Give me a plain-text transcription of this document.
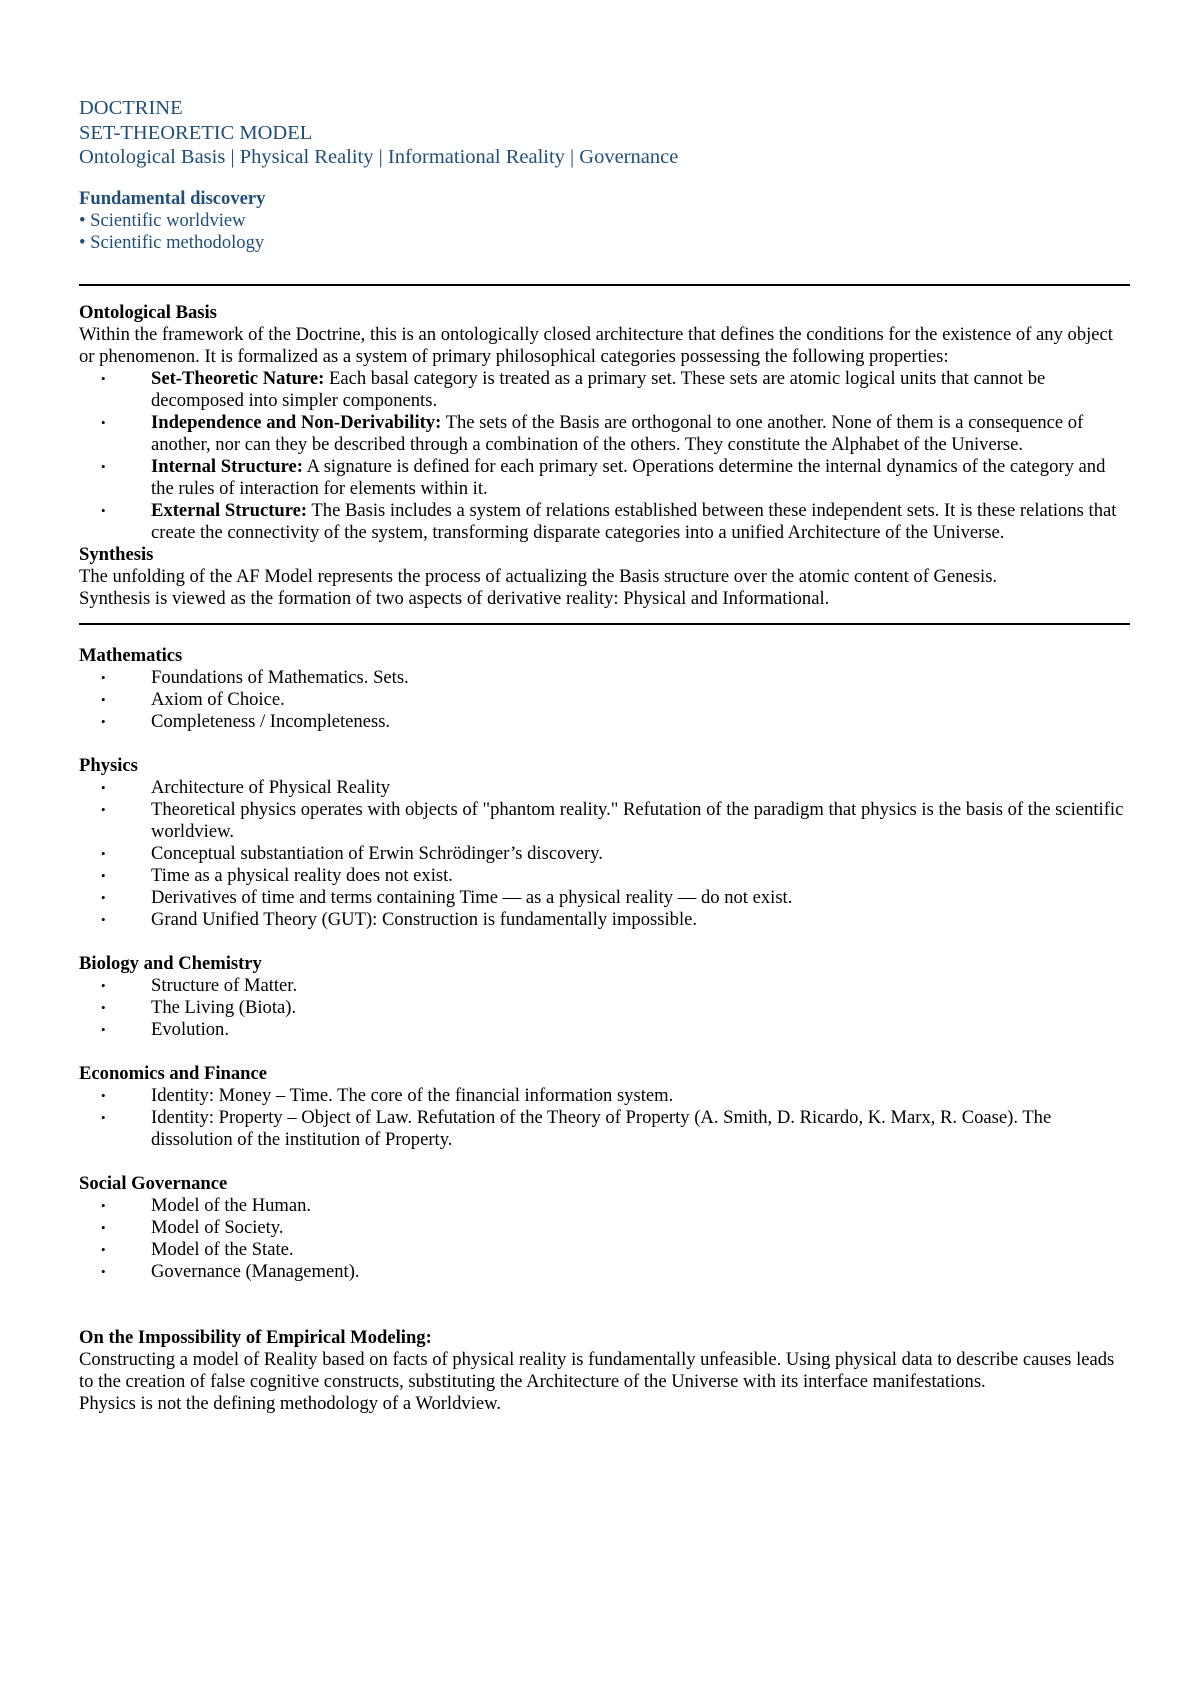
DOCTRINE
SET-THEORETIC MODEL
Ontological Basis | Physical Reality | Informational Reality | Governance
Fundamental discovery
• Scientific worldview
• Scientific methodology
Ontological Basis
Within the framework of the Doctrine, this is an ontologically closed architecture that defines the conditions for the existence of any object or phenomenon. It is formalized as a system of primary philosophical categories possessing the following properties:
• Set-Theoretic Nature: Each basal category is treated as a primary set. These sets are atomic logical units that cannot be decomposed into simpler components.
• Independence and Non-Derivability: The sets of the Basis are orthogonal to one another. None of them is a consequence of another, nor can they be described through a combination of the others. They constitute the Alphabet of the Universe.
• Internal Structure: A signature is defined for each primary set. Operations determine the internal dynamics of the category and the rules of interaction for elements within it.
• External Structure: The Basis includes a system of relations established between these independent sets. It is these relations that create the connectivity of the system, transforming disparate categories into a unified Architecture of the Universe.
Synthesis
The unfolding of the AF Model represents the process of actualizing the Basis structure over the atomic content of Genesis.
Synthesis is viewed as the formation of two aspects of derivative reality: Physical and Informational.
Mathematics
• Foundations of Mathematics. Sets.
• Axiom of Choice.
• Completeness / Incompleteness.
Physics
• Architecture of Physical Reality
• Theoretical physics operates with objects of "phantom reality." Refutation of the paradigm that physics is the basis of the scientific worldview.
• Conceptual substantiation of Erwin Schrödinger’s discovery.
• Time as a physical reality does not exist.
• Derivatives of time and terms containing Time — as a physical reality — do not exist.
• Grand Unified Theory (GUT): Construction is fundamentally impossible.
Biology and Chemistry
• Structure of Matter.
• The Living (Biota).
• Evolution.
Economics and Finance
• Identity: Money – Time. The core of the financial information system.
• Identity: Property – Object of Law. Refutation of the Theory of Property (A. Smith, D. Ricardo, K. Marx, R. Coase). The dissolution of the institution of Property.
Social Governance
• Model of the Human.
• Model of Society.
• Model of the State.
• Governance (Management).
On the Impossibility of Empirical Modeling:
Constructing a model of Reality based on facts of physical reality is fundamentally unfeasible. Using physical data to describe causes leads to the creation of false cognitive constructs, substituting the Architecture of the Universe with its interface manifestations.
Physics is not the defining methodology of a Worldview.
